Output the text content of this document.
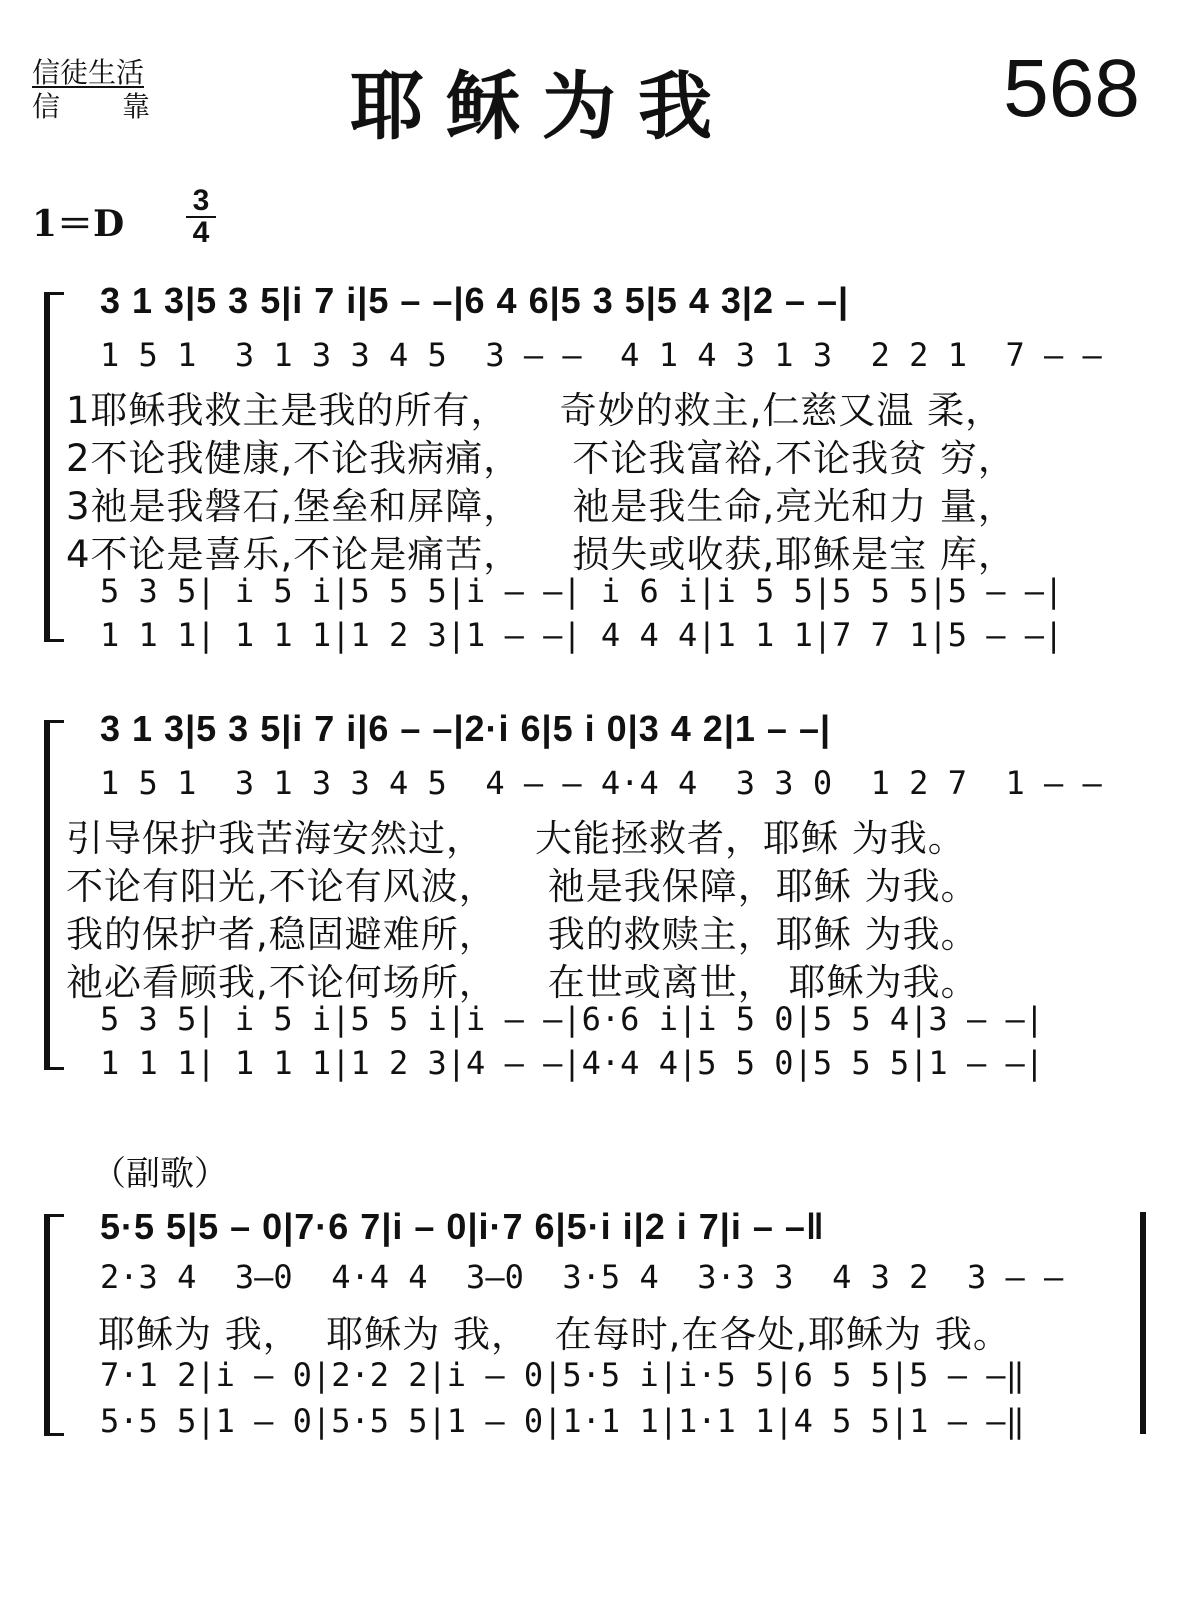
信徒生活
信　　靠	耶稣为我	568
$1=D \frac{3}{4}$
3 1 3|5 3 5|i 7 i|5 – –|6 4 6|5 3 5|5 4 3|2 – –|
1 5 1  3 1 3 3 4 5  3 – –  4 1 4 3 1 3  2 2 1  7 – –
1耶稣我救主是我的所有，    奇妙的救主,仁慈又温 柔，
2不论我健康,不论我病痛，    不论我富裕,不论我贫 穷，
3祂是我磐石,堡垒和屏障，    祂是我生命,亮光和力 量，
4不论是喜乐,不论是痛苦，    损失或收获,耶稣是宝 库，
5 3 5| i 5 i|5 5 5|i – –| i 6 i|i 5 5|5 5 5|5 – –|
1 1 1| 1 1 1|1 2 3|1 – –| 4 4 4|1 1 1|7 7 1|5 – –|
3 1 3|5 3 5|i 7 i|6 – –|2·i 6|5 i 0|3 4 2|1 – –|
1 5 1  3 1 3 3 4 5  4 – – 4·4 4  3 3 0  1 2 7  1 – –
引导保护我苦海安然过，    大能拯救者，耶稣 为我。
不论有阳光,不论有风波，    祂是我保障，耶稣 为我。
我的保护者,稳固避难所，    我的救赎主，耶稣 为我。
祂必看顾我,不论何场所，    在世或离世， 耶稣为我。
5 3 5| i 5 i|5 5 i|i – –|6·6 i|i 5 0|5 5 4|3 – –|
1 1 1| 1 1 1|1 2 3|4 – –|4·4 4|5 5 0|5 5 5|1 – –|
（副歌）
5·5 5|5 – 0|7·6 7|i – 0|i·7 6|5·i i|2 i 7|i – –‖
2·3 4  3–0  4·4 4  3–0  3·5 4  3·3 3  4 3 2  3 – –
耶稣为 我，  耶稣为 我，  在每时,在各处,耶稣为 我。
7·1 2|i – 0|2·2 2|i – 0|5·5 i|i·5 5|6 5 5|5 – –‖
5·5 5|1 – 0|5·5 5|1 – 0|1·1 1|1·1 1|4 5 5|1 – –‖
